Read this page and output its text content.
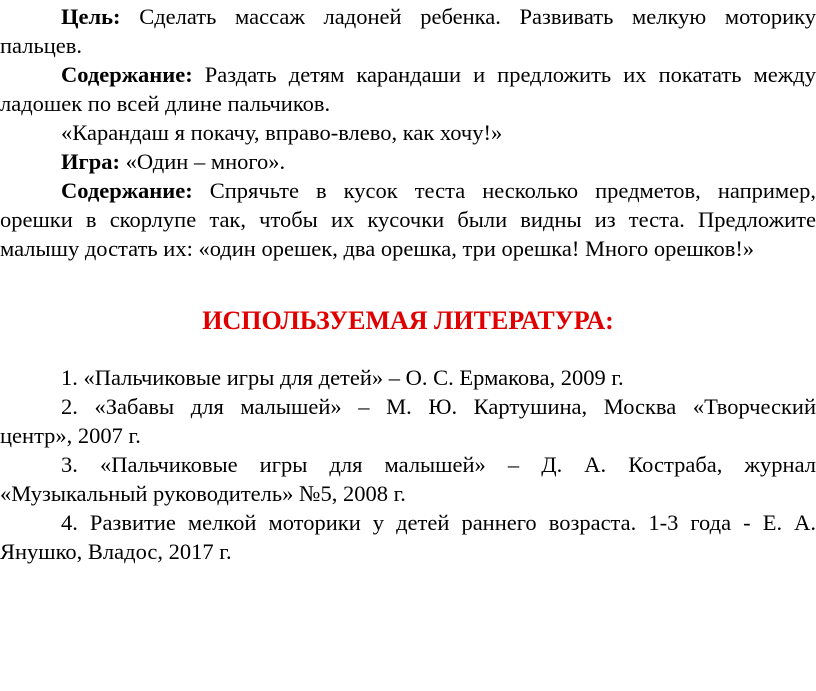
Цель: Сделать массаж ладоней ребенка. Развивать мелкую моторику
пальцев.
Содержание: Раздать детям карандаши и предложить их покатать между
ладошек по всей длине пальчиков.
«Карандаш я покачу, вправо-влево, как хочу!»
Игра: «Один – много».
Содержание: Спрячьте в кусок теста несколько предметов, например,
орешки в скорлупе так, чтобы их кусочки были видны из теста. Предложите
малышу достать их: «один орешек, два орешка, три орешка! Много орешков!»
ИСПОЛЬЗУЕМАЯ ЛИТЕРАТУРА:
1. «Пальчиковые игры для детей» – О. С. Ермакова, 2009 г.
2. «Забавы для малышей» – М. Ю. Картушина, Москва «Творческий
центр», 2007 г.
3. «Пальчиковые игры для малышей» – Д. А. Костраба, журнал
«Музыкальный руководитель» №5, 2008 г.
4. Развитие мелкой моторики у детей раннего возраста. 1-3 года - Е. А.
Янушко, Владос, 2017 г.
